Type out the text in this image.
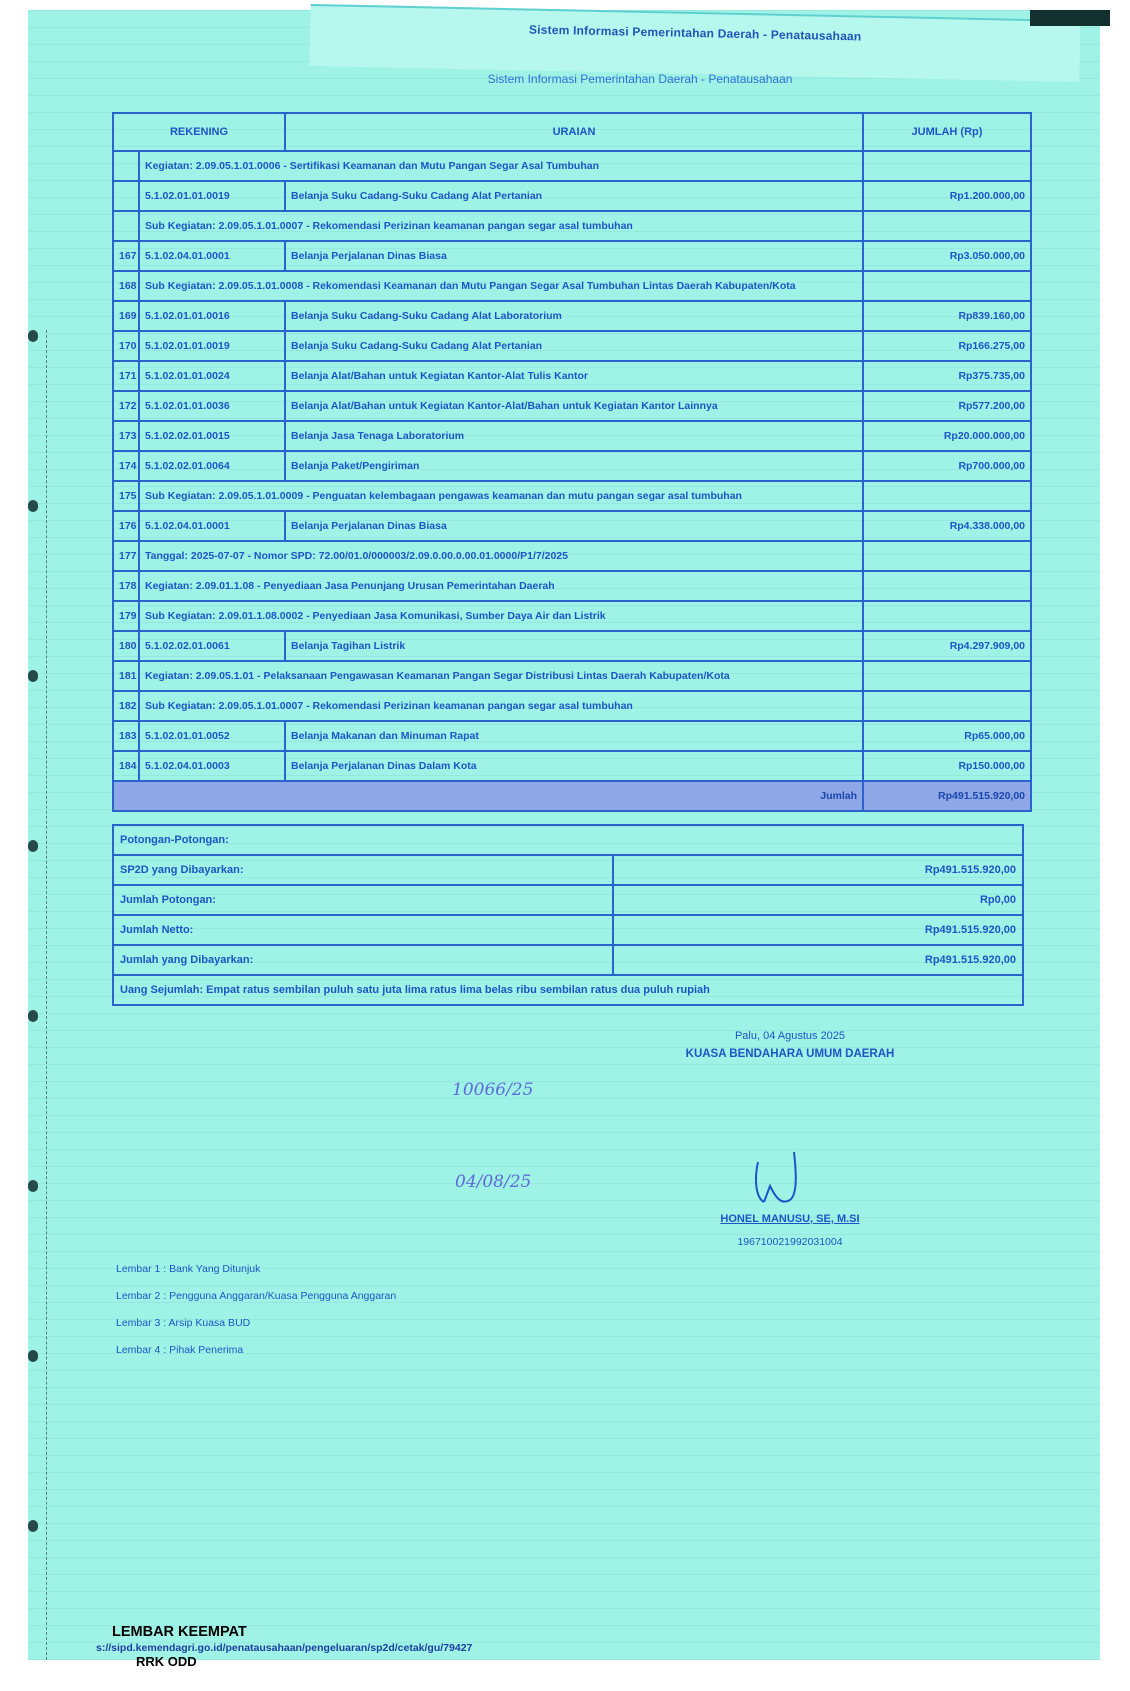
Sistem Informasi Pemerintahan Daerah - Penatausahaan
Sistem Informasi Pemerintahan Daerah - Penatausahaan
REKENING		URAIAN	JUMLAH (Rp)
	Kegiatan: 2.09.05.1.01.0006 - Sertifikasi Keamanan dan Mutu Pangan Segar Asal Tumbuhan		
	5.1.02.01.01.0019	Belanja Suku Cadang-Suku Cadang Alat Pertanian	Rp1.200.000,00
	Sub Kegiatan: 2.09.05.1.01.0007 - Rekomendasi Perizinan keamanan pangan segar asal tumbuhan		
167	5.1.02.04.01.0001	Belanja Perjalanan Dinas Biasa	Rp3.050.000,00
168	Sub Kegiatan: 2.09.05.1.01.0008 - Rekomendasi Keamanan dan Mutu Pangan Segar Asal Tumbuhan Lintas Daerah Kabupaten/Kota		
169	5.1.02.01.01.0016	Belanja Suku Cadang-Suku Cadang Alat Laboratorium	Rp839.160,00
170	5.1.02.01.01.0019	Belanja Suku Cadang-Suku Cadang Alat Pertanian	Rp166.275,00
171	5.1.02.01.01.0024	Belanja Alat/Bahan untuk Kegiatan Kantor-Alat Tulis Kantor	Rp375.735,00
172	5.1.02.01.01.0036	Belanja Alat/Bahan untuk Kegiatan Kantor-Alat/Bahan untuk Kegiatan Kantor Lainnya	Rp577.200,00
173	5.1.02.02.01.0015	Belanja Jasa Tenaga Laboratorium	Rp20.000.000,00
174	5.1.02.02.01.0064	Belanja Paket/Pengiriman	Rp700.000,00
175	Sub Kegiatan: 2.09.05.1.01.0009 - Penguatan kelembagaan pengawas keamanan dan mutu pangan segar asal tumbuhan		
176	5.1.02.04.01.0001	Belanja Perjalanan Dinas Biasa	Rp4.338.000,00
177	Tanggal: 2025-07-07 - Nomor SPD: 72.00/01.0/000003/2.09.0.00.0.00.01.0000/P1/7/2025		
178	Kegiatan: 2.09.01.1.08 - Penyediaan Jasa Penunjang Urusan Pemerintahan Daerah		
179	Sub Kegiatan: 2.09.01.1.08.0002 - Penyediaan Jasa Komunikasi, Sumber Daya Air dan Listrik		
180	5.1.02.02.01.0061	Belanja Tagihan Listrik	Rp4.297.909,00
181	Kegiatan: 2.09.05.1.01 - Pelaksanaan Pengawasan Keamanan Pangan Segar Distribusi Lintas Daerah Kabupaten/Kota		
182	Sub Kegiatan: 2.09.05.1.01.0007 - Rekomendasi Perizinan keamanan pangan segar asal tumbuhan		
183	5.1.02.01.01.0052	Belanja Makanan dan Minuman Rapat	Rp65.000,00
184	5.1.02.04.01.0003	Belanja Perjalanan Dinas Dalam Kota	Rp150.000,00
Jumlah			Rp491.515.920,00
Potongan-Potongan:	
SP2D yang Dibayarkan:	Rp491.515.920,00
Jumlah Potongan:	Rp0,00
Jumlah Netto:	Rp491.515.920,00
Jumlah yang Dibayarkan:	Rp491.515.920,00
Uang Sejumlah: Empat ratus sembilan puluh satu juta lima ratus lima belas ribu sembilan ratus dua puluh rupiah	
Palu, 04 Agustus 2025
KUASA BENDAHARA UMUM DAERAH
HONEL MANUSU, SE, M.SI
196710021992031004
10066/25
04/08/25
Lembar 1 : Bank Yang Ditunjuk
Lembar 2 : Pengguna Anggaran/Kuasa Pengguna Anggaran
Lembar 3 : Arsip Kuasa BUD
Lembar 4 : Pihak Penerima
LEMBAR KEEMPAT
s://sipd.kemendagri.go.id/penatausahaan/pengeluaran/sp2d/cetak/gu/79427
RRK ODD
